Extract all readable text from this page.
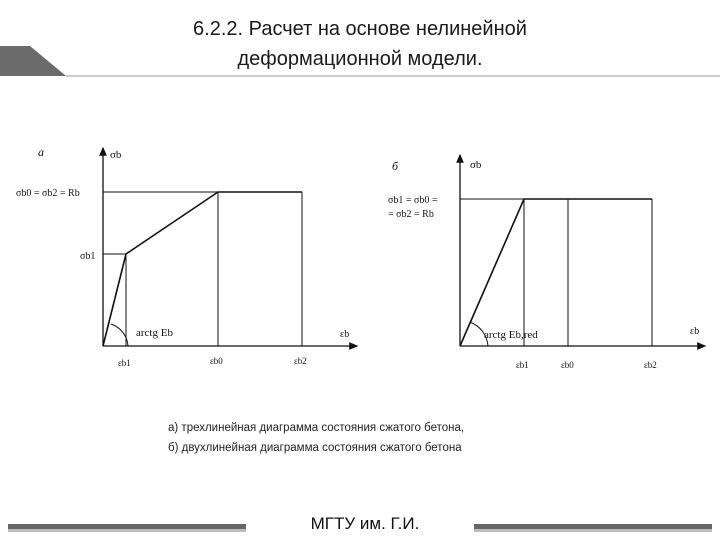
6.2.2. Расчет на основе нелинейной
деформационной модели.
а	σb
σb0 = σb2 = Rb
σb1
arctg Eb	εb
εb1	εb0	εb2
б	σb
σb1 = σb0 =
= σb2 = Rb
arctg Eb,red	εb
εb1	εb0	εb2
а) трехлинейная диаграмма состояния сжатого бетона,
б) двухлинейная диаграмма состояния сжатого бетона
МГТУ им. Г.И.
